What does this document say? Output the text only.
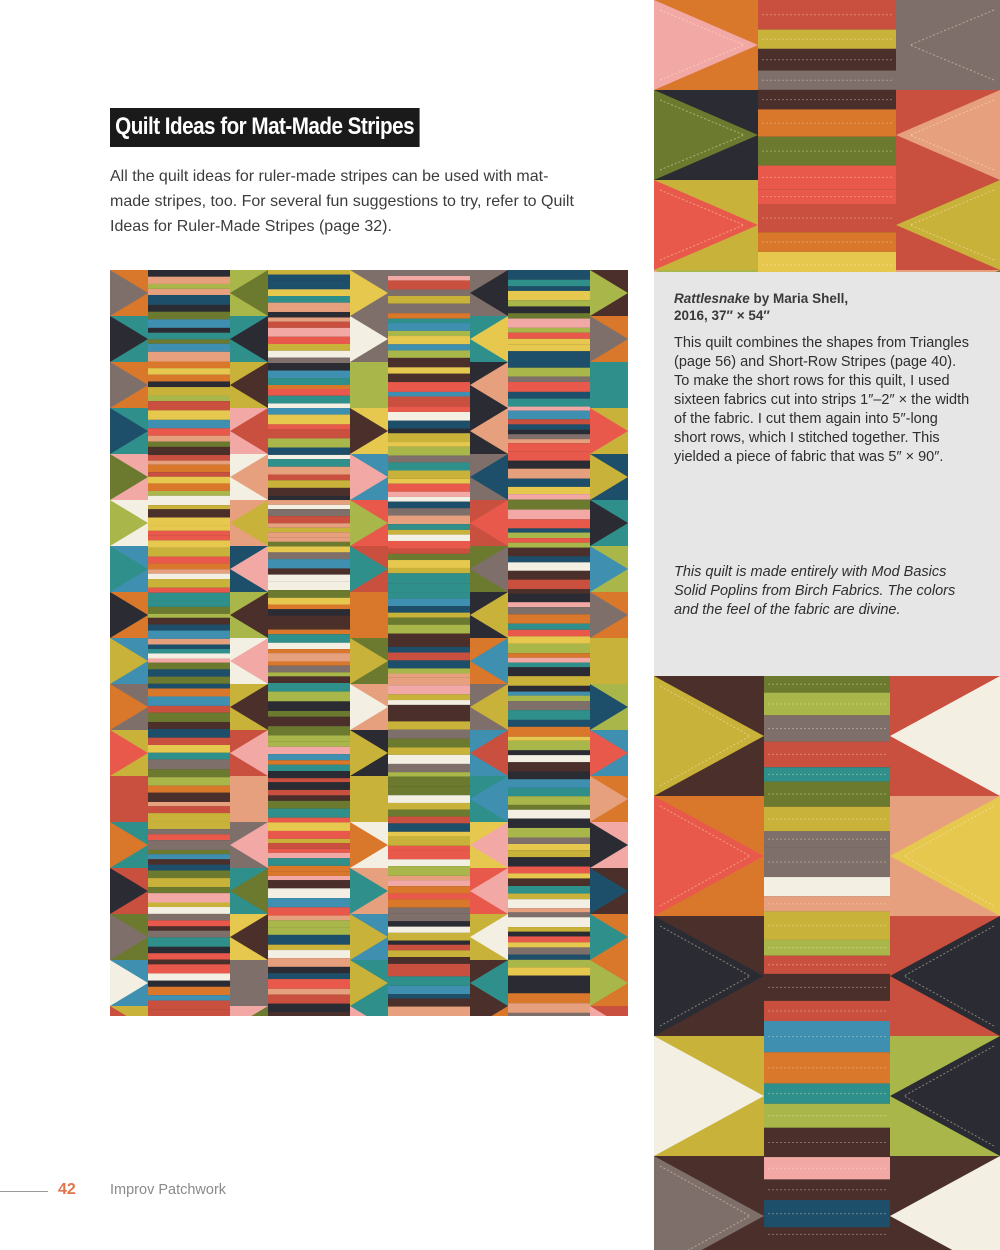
Quilt Ideas for Mat-Made Stripes

All the quilt ideas for ruler-made stripes can be used with mat-made stripes, too. For several fun suggestions to try, refer to Quilt Ideas for Ruler-Made Stripes (page 32).

Rattlesnake by Maria Shell,
2016, 37″ × 54″

This quilt combines the shapes from Triangles (page 56) and Short-Row Stripes (page 40). To make the short rows for this quilt, I used sixteen fabrics cut into strips 1″–2″ × the width of the fabric. I cut them again into 5″-long short rows, which I stitched together. This yielded a piece of fabric that was 5″ × 90″.

This quilt is made entirely with Mod Basics Solid Poplins from Birch Fabrics. The colors and the feel of the fabric are divine.

42 Improv Patchwork
